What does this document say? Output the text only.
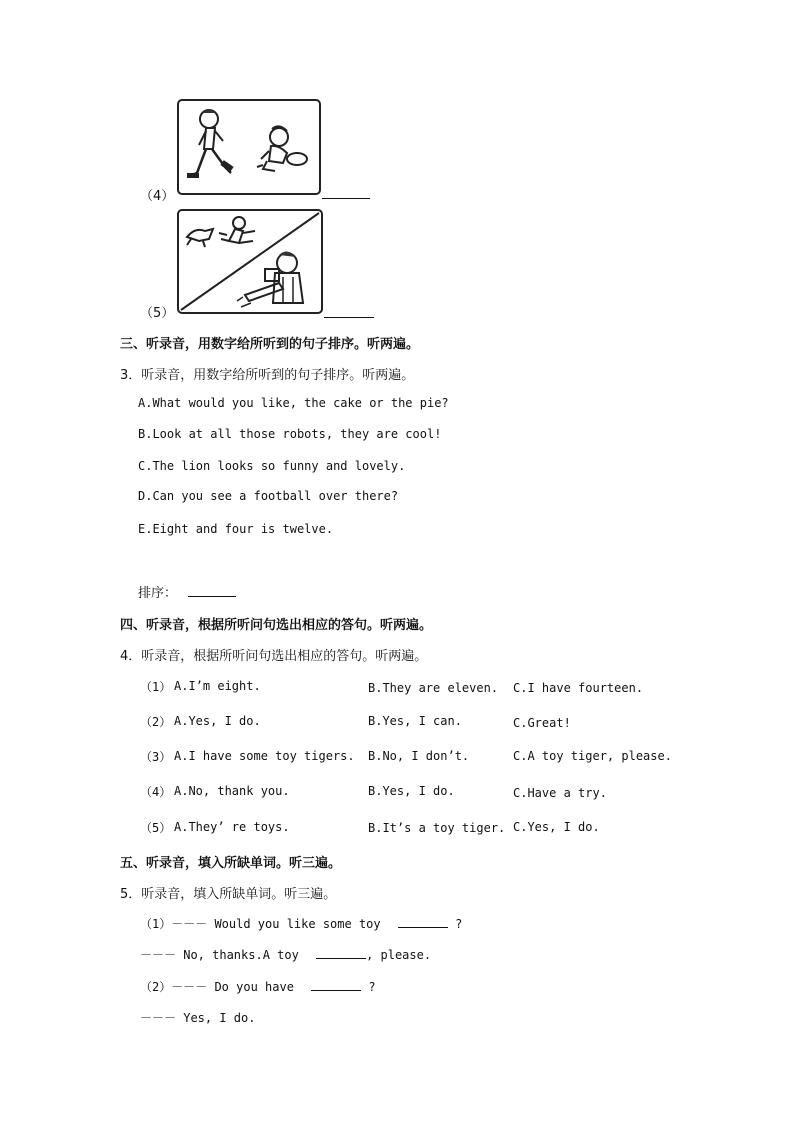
（4）
（5）
三、听录音，用数字给所听到的句子排序。听两遍。
3．听录音，用数字给所听到的句子排序。听两遍。
A.What would you like, the cake or the pie?
B.Look at all those robots, they are cool!
C.The lion looks so funny and lovely.
D.Can you see a football over there?
E.Eight and four is twelve.
排序：
四、听录音，根据所听问句选出相应的答句。听两遍。
4．听录音，根据所听问句选出相应的答句。听两遍。
（1） A.I’m eight.	B.They are eleven. C.I have fourteen.
（2） A.Yes, I do.	B.Yes, I can.	C.Great!
（3） A.I have some toy tigers. B.No, I don’t.	C.A toy tiger, please.
（4） A.No, thank you.	B.Yes, I do.	C.Have a try.
（5） A.They’ re toys.	B.It’s a toy tiger. C.Yes, I do.
五、听录音，填入所缺单词。听三遍。
5．听录音，填入所缺单词。听三遍。
（1）－－－ Would you like some toy	?
－－－ No, thanks.A toy	, please.
（2）－－－ Do you have	?
－－－ Yes, I do.
